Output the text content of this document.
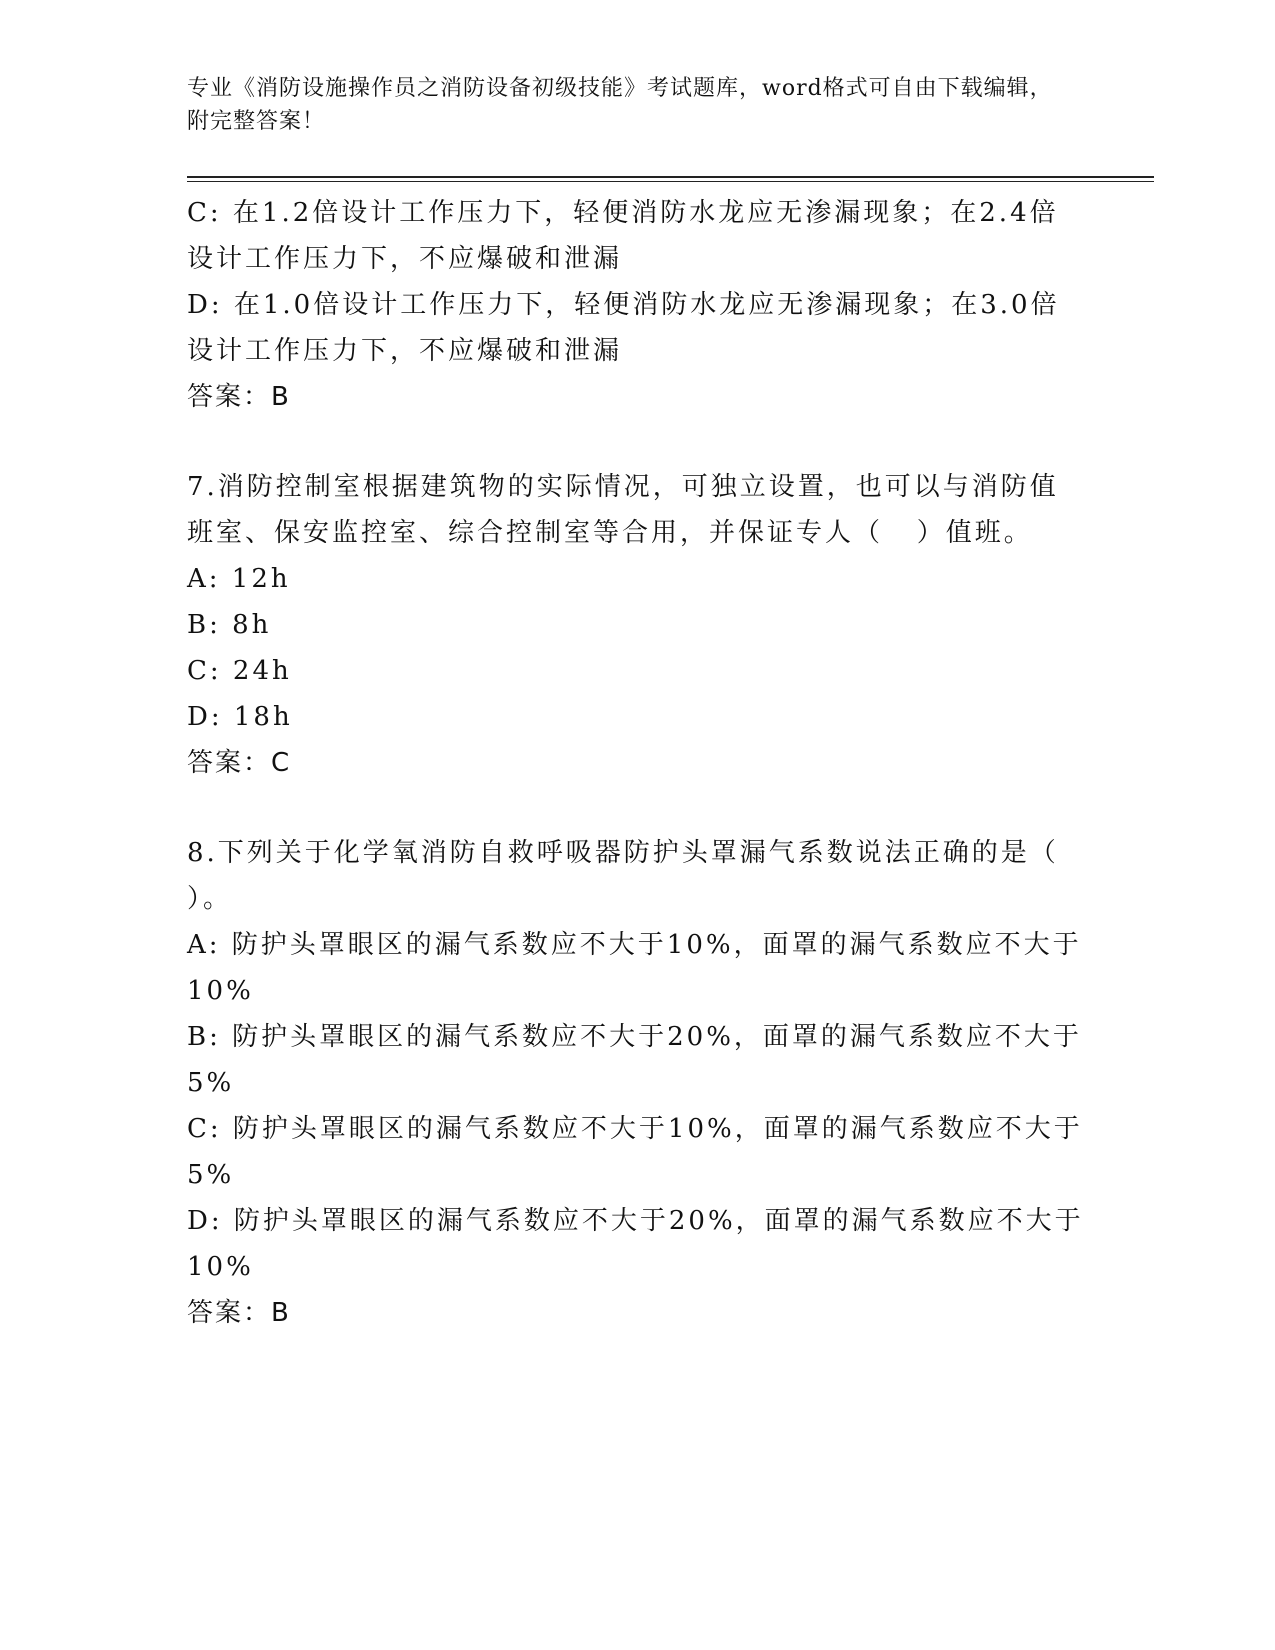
专业《消防设施操作员之消防设备初级技能》考试题库，word格式可自由下载编辑，附完整答案！

C: 在1.2倍设计工作压力下，轻便消防水龙应无渗漏现象；在2.4倍

设计工作压力下，不应爆破和泄漏

D: 在1.0倍设计工作压力下，轻便消防水龙应无渗漏现象；在3.0倍

设计工作压力下，不应爆破和泄漏

答案：B

7.消防控制室根据建筑物的实际情况，可独立设置，也可以与消防值

班室、保安监控室、综合控制室等合用，并保证专人（   ）值班。

A: 12h

B: 8h

C: 24h

D: 18h

答案：C

8.下列关于化学氧消防自救呼吸器防护头罩漏气系数说法正确的是（

）。

A: 防护头罩眼区的漏气系数应不大于10%，面罩的漏气系数应不大于

10%

B: 防护头罩眼区的漏气系数应不大于20%，面罩的漏气系数应不大于

5%

C: 防护头罩眼区的漏气系数应不大于10%，面罩的漏气系数应不大于

5%

D: 防护头罩眼区的漏气系数应不大于20%，面罩的漏气系数应不大于

10%

答案：B
